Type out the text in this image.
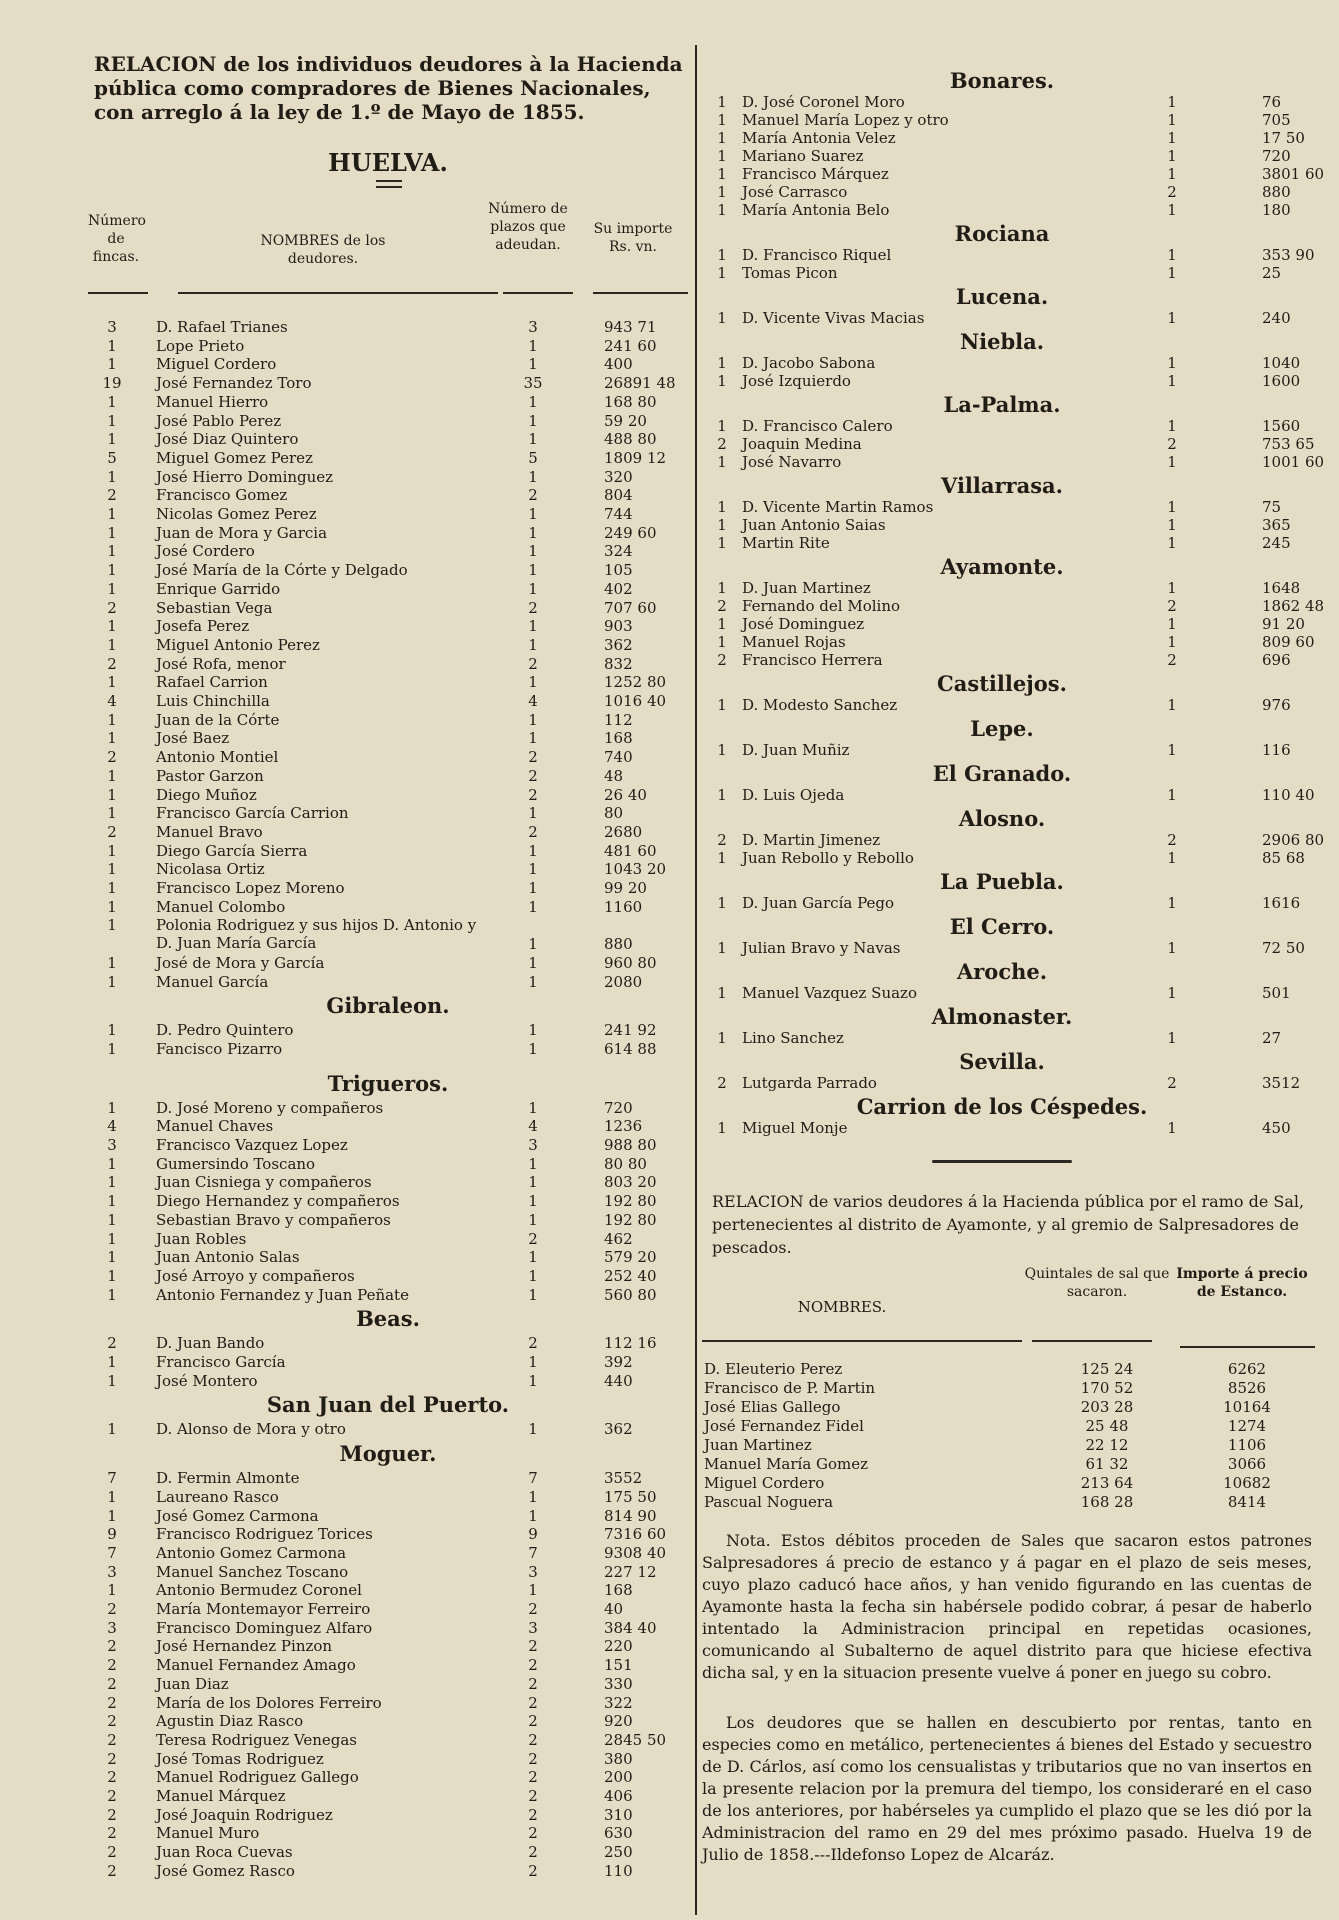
RELACION de los individuos deudores à la Hacienda pública como compradores de Bienes Nacionales, con arreglo á la ley de 1.º de Mayo de 1855.
HUELVA.
Número de fincas.
NOMBRES de los deudores.
Número de plazos que adeudan.
Su importe Rs. vn.
3	D. Rafael Trianes	3	943 71
1	Lope Prieto	1	241 60
1	Miguel Cordero	1	400
19	José Fernandez Toro	35	26891 48
1	Manuel Hierro	1	168 80
1	José Pablo Perez	1	59 20
1	José Diaz Quintero	1	488 80
5	Miguel Gomez Perez	5	1809 12
1	José Hierro Dominguez	1	320
2	Francisco Gomez	2	804
1	Nicolas Gomez Perez	1	744
1	Juan de Mora y Garcia	1	249 60
1	José Cordero	1	324
1	José María de la Córte y Delgado	1	105
1	Enrique Garrido	1	402
2	Sebastian Vega	2	707 60
1	Josefa Perez	1	903
1	Miguel Antonio Perez	1	362
2	José Rofa, menor	2	832
1	Rafael Carrion	1	1252 80
4	Luis Chinchilla	4	1016 40
1	Juan de la Córte	1	112
1	José Baez	1	168
2	Antonio Montiel	2	740
1	Pastor Garzon	2	48
1	Diego Muñoz	2	26 40
1	Francisco García Carrion	1	80
2	Manuel Bravo	2	2680
1	Diego García Sierra	1	481 60
1	Nicolasa Ortiz	1	1043 20
1	Francisco Lopez Moreno	1	99 20
1	Manuel Colombo	1	1160
1	Polonia Rodriguez y sus hijos D. Antonio y D. Juan María García	1	880
1	José de Mora y García	1	960 80
1	Manuel García	1	2080
Gibraleon.
1	D. Pedro Quintero	1	241 92
1	Fancisco Pizarro	1	614 88
Trigueros.
1	D. José Moreno y compañeros	1	720
4	Manuel Chaves	4	1236
3	Francisco Vazquez Lopez	3	988 80
1	Gumersindo Toscano	1	80 80
1	Juan Cisniega y compañeros	1	803 20
1	Diego Hernandez y compañeros	1	192 80
1	Sebastian Bravo y compañeros	1	192 80
1	Juan Robles	2	462
1	Juan Antonio Salas	1	579 20
1	José Arroyo y compañeros	1	252 40
1	Antonio Fernandez y Juan Peñate	1	560 80
Beas.
2	D. Juan Bando	2	112 16
1	Francisco García	1	392
1	José Montero	1	440
San Juan del Puerto.
1	D. Alonso de Mora y otro	1	362
Moguer.
7	D. Fermin Almonte	7	3552
1	Laureano Rasco	1	175 50
1	José Gomez Carmona	1	814 90
9	Francisco Rodriguez Torices	9	7316 60
7	Antonio Gomez Carmona	7	9308 40
3	Manuel Sanchez Toscano	3	227 12
1	Antonio Bermudez Coronel	1	168
2	María Montemayor Ferreiro	2	40
3	Francisco Dominguez Alfaro	3	384 40
2	José Hernandez Pinzon	2	220
2	Manuel Fernandez Amago	2	151
2	Juan Diaz	2	330
2	María de los Dolores Ferreiro	2	322
2	Agustin Diaz Rasco	2	920
2	Teresa Rodriguez Venegas	2	2845 50
2	José Tomas Rodriguez	2	380
2	Manuel Rodriguez Gallego	2	200
2	Manuel Márquez	2	406
2	José Joaquin Rodriguez	2	310
2	Manuel Muro	2	630
2	Juan Roca Cuevas	2	250
2	José Gomez Rasco	2	110
Bonares.
1	D. José Coronel Moro	1	76
1	Manuel María Lopez y otro	1	705
1	María Antonia Velez	1	17 50
1	Mariano Suarez	1	720
1	Francisco Márquez	1	3801 60
1	José Carrasco	2	880
1	María Antonia Belo	1	180
Rociana
1	D. Francisco Riquel	1	353 90
1	Tomas Picon	1	25
Lucena.
1	D. Vicente Vivas Macias	1	240
Niebla.
1	D. Jacobo Sabona	1	1040
1	José Izquierdo	1	1600
La-Palma.
1	D. Francisco Calero	1	1560
2	Joaquin Medina	2	753 65
1	José Navarro	1	1001 60
Villarrasa.
1	D. Vicente Martin Ramos	1	75
1	Juan Antonio Saias	1	365
1	Martin Rite	1	245
Ayamonte.
1	D. Juan Martinez	1	1648
2	Fernando del Molino	2	1862 48
1	José Dominguez	1	91 20
1	Manuel Rojas	1	809 60
2	Francisco Herrera	2	696
Castillejos.
1	D. Modesto Sanchez	1	976
Lepe.
1	D. Juan Muñiz	1	116
El Granado.
1	D. Luis Ojeda	1	110 40
Alosno.
2	D. Martin Jimenez	2	2906 80
1	Juan Rebollo y Rebollo	1	85 68
La Puebla.
1	D. Juan García Pego	1	1616
El Cerro.
1	Julian Bravo y Navas	1	72 50
Aroche.
1	Manuel Vazquez Suazo	1	501
Almonaster.
1	Lino Sanchez	1	27
Sevilla.
2	Lutgarda Parrado	2	3512
Carrion de los Céspedes.
1	Miguel Monje	1	450
RELACION de varios deudores á la Hacienda pública por el ramo de Sal, pertenecientes al distrito de Ayamonte, y al gremio de Salpresadores de pescados.
NOMBRES.
Quintales de sal que sacaron.
Importe á precio de Estanco.
D. Eleuterio Perez	125 24	6262
Francisco de P. Martin	170 52	8526
José Elias Gallego	203 28	10164
José Fernandez Fidel	25 48	1274
Juan Martinez	22 12	1106
Manuel María Gomez	61 32	3066
Miguel Cordero	213 64	10682
Pascual Noguera	168 28	8414
Nota. Estos débitos proceden de Sales que sacaron estos patrones Salpresadores á precio de estanco y á pagar en el plazo de seis meses, cuyo plazo caducó hace años, y han venido figurando en las cuentas de Ayamonte hasta la fecha sin habérsele podido cobrar, á pesar de haberlo intentado la Administracion principal en repetidas ocasiones, comunicando al Subalterno de aquel distrito para que hiciese efectiva dicha sal, y en la situacion presente vuelve á poner en juego su cobro.
Los deudores que se hallen en descubierto por rentas, tanto en especies como en metálico, pertenecientes á bienes del Estado y secuestro de D. Cárlos, así como los censualistas y tributarios que no van insertos en la presente relacion por la premura del tiempo, los consideraré en el caso de los anteriores, por habérseles ya cumplido el plazo que se les dió por la Administracion del ramo en 29 del mes próximo pasado. Huelva 19 de Julio de 1858.---Ildefonso Lopez de Alcaráz.
